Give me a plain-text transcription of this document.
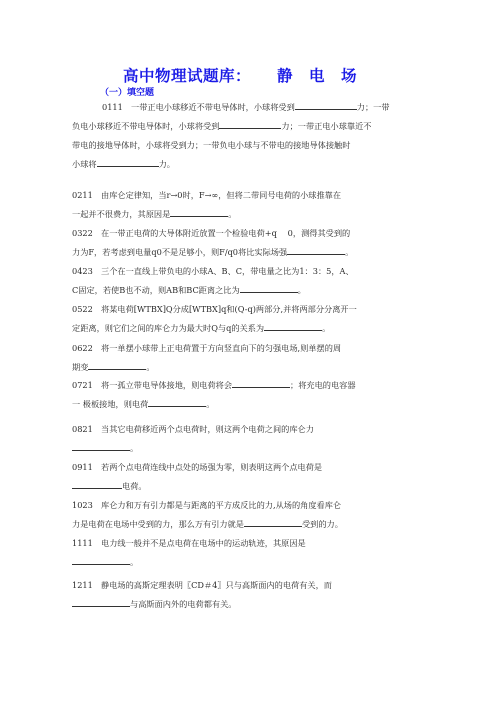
高中物理试题库： 静 电 场
（一）填空题
0111　一带正电小球移近不带电导体时，小球将受到	力；一带
负电小球移近不带电导体时，小球将受到	力；一带正电小球靠近不
带电的接地导体时，小球将受到力；一带负电小球与不带电的接地导体接触时
小球将	力。
0211　由库仑定律知，当r→0时，F→∞，但将二带同号电荷的小球推靠在
一起并不很费力，其原因是	。
0322　在一带正电荷的大导体附近放置一个检验电荷+q　 0，测得其受到的
力为F，若考虑到电量q0不是足够小，则F/q0将比实际场强	。
0423　三个在一直线上带负电的小球A、B、C，带电量之比为1：3：5，A、
C固定，若使B也不动，则AB和BC距离之比为	。
0522　将某电荷[WTBX]Q分成[WTBX]q和(Q-q)两部分,并将两部分分离开一
定距离，则它们之间的库仑力为最大时Q与q的关系为	。
0622　将一单摆小球带上正电荷置于方向竖直向下的匀强电场,则单摆的周
期变	。
0721　将一孤立带电导体接地，则电荷将会	；将充电的电容器
一 极板接地，则电荷	。
0821　当其它电荷移近两个点电荷时，则这两个电荷之间的库仑力
。
0911　若两个点电荷连线中点处的场强为零，则表明这两个点电荷是
电荷。
1023　库仑力和万有引力都是与距离的平方成反比的力,从场的角度看库仑
力是电荷在电场中受到的力，那么万有引力就是	受到的力。
1111　电力线一般并不是点电荷在电场中的运动轨迹，其原因是
。
1211　静电场的高斯定理表明〖CD＃4〗只与高斯面内的电荷有关，而
与高斯面内外的电荷都有关。
